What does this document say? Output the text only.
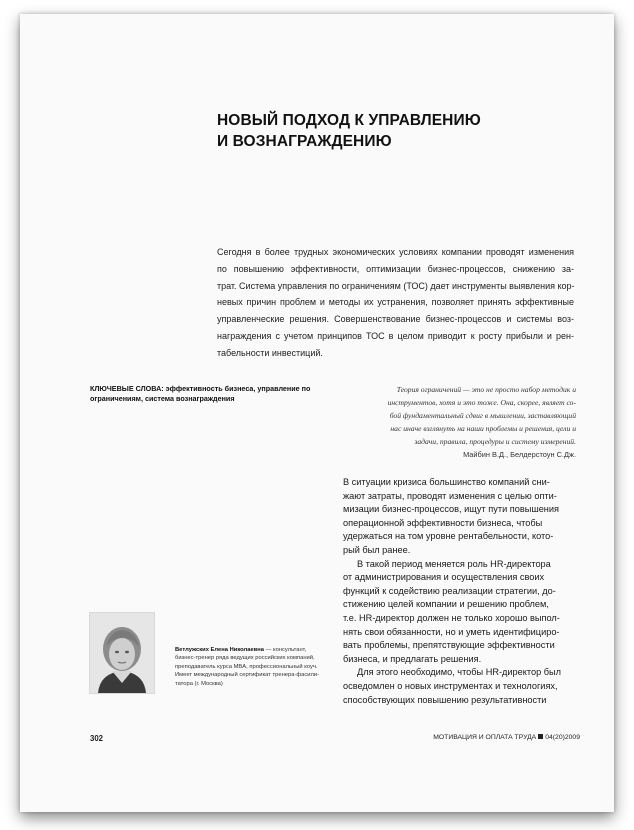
НОВЫЙ ПОДХОД К УПРАВЛЕНИЮ
И ВОЗНАГРАЖДЕНИЮ
Сегодня в более трудных экономических условиях компании проводят изменения
по повышению эффективности, оптимизации бизнес-процессов, снижению за-
трат. Система управления по ограничениям (ТОС) дает инструменты выявления кор-
невых причин проблем и методы их устранения, позволяет принять эффективные
управленческие решения. Совершенствование бизнес-процессов и системы воз-
награждения с учетом принципов ТОС в целом приводит к росту прибыли и рен-
табельности инвестиций.
КЛЮЧЕВЫЕ СЛОВА: эффективность бизнеса, управление по
ограничениям, система вознаграждения
Теория ограничений — это не просто набор методик и
инструментов, хотя и это тоже. Она, скорее, являет со-
бой фундаментальный сдвиг в мышлении, заставляющий
нас иначе взглянуть на наши проблемы и решения, цели и
задачи, правила, процедуры и систему измерений.
Майбин В.Д., Белдерстоун С.Дж.
В ситуации кризиса большинство компаний сни-
жают затраты, проводят изменения с целью опти-
мизации бизнес-процессов, ищут пути повышения
операционной эффективности бизнеса, чтобы
удержаться на том уровне рентабельности, кото-
рый был ранее.
В такой период меняется роль HR-директора
от администрирования и осуществления своих
функций к содействию реализации стратегии, до-
стижению целей компании и решению проблем,
т.е. HR-директор должен не только хорошо выпол-
нять свои обязанности, но и уметь идентифициро-
вать проблемы, препятствующие эффективности
бизнеса, и предлагать решения.
Для этого необходимо, чтобы HR-директор был
осведомлен о новых инструментах и технологиях,
способствующих повышению результативности
Ветлужских Елена Николаевна — консультант,
бизнес-тренер ряда ведущих российских компаний,
преподаватель курса MBA, профессиональный коуч.
Имеет международный сертификат тренера-фасили-
татора (г. Москва)
302	МОТИВАЦИЯ И ОПЛАТА ТРУДА 04(20)2009
